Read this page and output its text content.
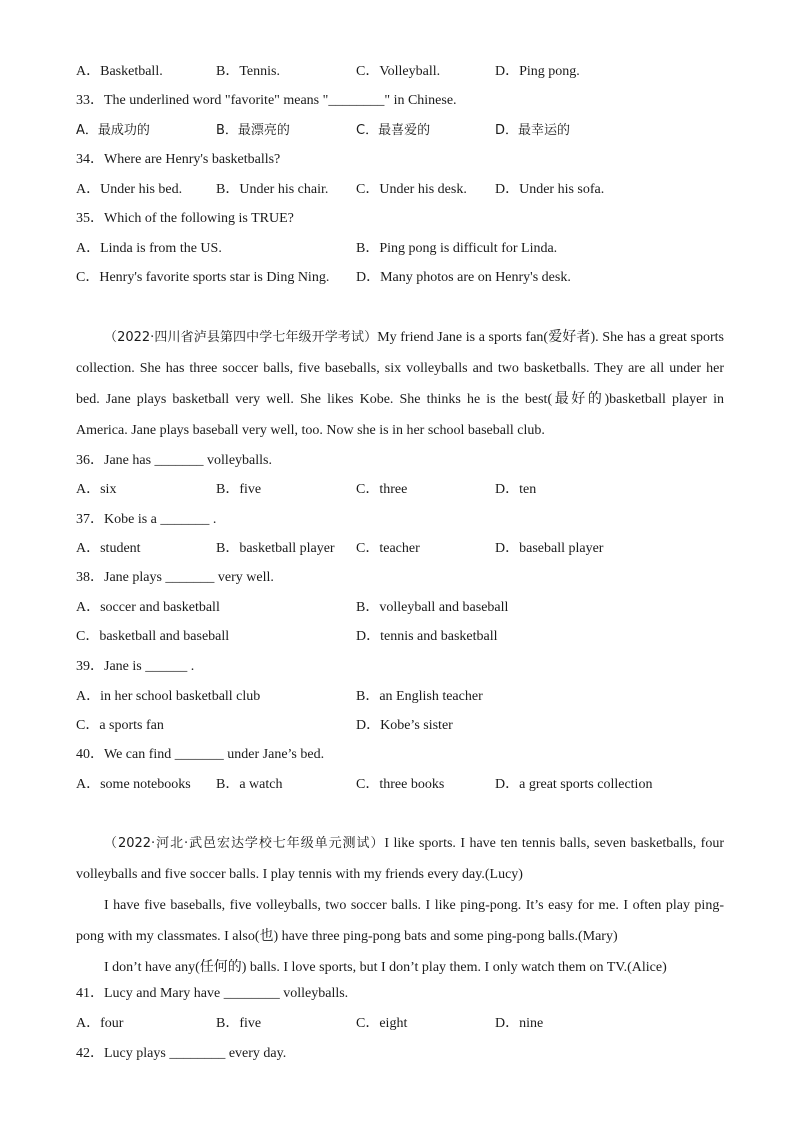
A．Basketball.	B．Tennis.	C．Volleyball.	D．Ping pong.
33．The underlined word "favorite" means "________" in Chinese.
A．最成功的	B．最漂亮的	C．最喜爱的	D．最幸运的
34．Where are Henry's basketballs?
A．Under his bed. B．Under his chair. C．Under his desk. D．Under his sofa.
35．Which of the following is TRUE?
A．Linda is from the US.	B．Ping pong is difficult for Linda.
C．Henry's favorite sports star is Ding Ning. D．Many photos are on Henry's desk.
（2022·四川省泸县第四中学七年级开学考试）My friend Jane is a sports fan(爱好者). She has a great sports collection. She has three soccer balls, five baseballs, six volleyballs and two basketballs. They are all under her bed. Jane plays basketball very well. She likes Kobe. She thinks he is the best(最好的)basketball player in America. Jane plays baseball very well, too. Now she is in her school baseball club.
36．Jane has _______ volleyballs.
A．six	B．five	C．three	D．ten
37．Kobe is a _______ .
A．student	B．basketball player C．teacher	D．baseball player
38．Jane plays _______ very well.
A．soccer and basketball	B．volleyball and baseball
C．basketball and baseball	D．tennis and basketball
39．Jane is ______ .
A．in her school basketball club	B．an English teacher
C．a sports fan	D．Kobe’s sister
40．We can find _______ under Jane’s bed.
A．some notebooks B．a watch	C．three books	D．a great sports collection
（2022·河北·武邑宏达学校七年级单元测试）I like sports. I have ten tennis balls, seven basketballs, four volleyballs and five soccer balls. I play tennis with my friends every day.(Lucy)
I have five baseballs, five volleyballs, two soccer balls. I like ping-pong. It’s easy for me. I often play ping-pong with my classmates. I also(也) have three ping-pong bats and some ping-pong balls.(Mary)
I don’t have any(任何的) balls. I love sports, but I don’t play them. I only watch them on TV.(Alice)
41．Lucy and Mary have ________ volleyballs.
A．four	B．five	C．eight	D．nine
42．Lucy plays ________ every day.
